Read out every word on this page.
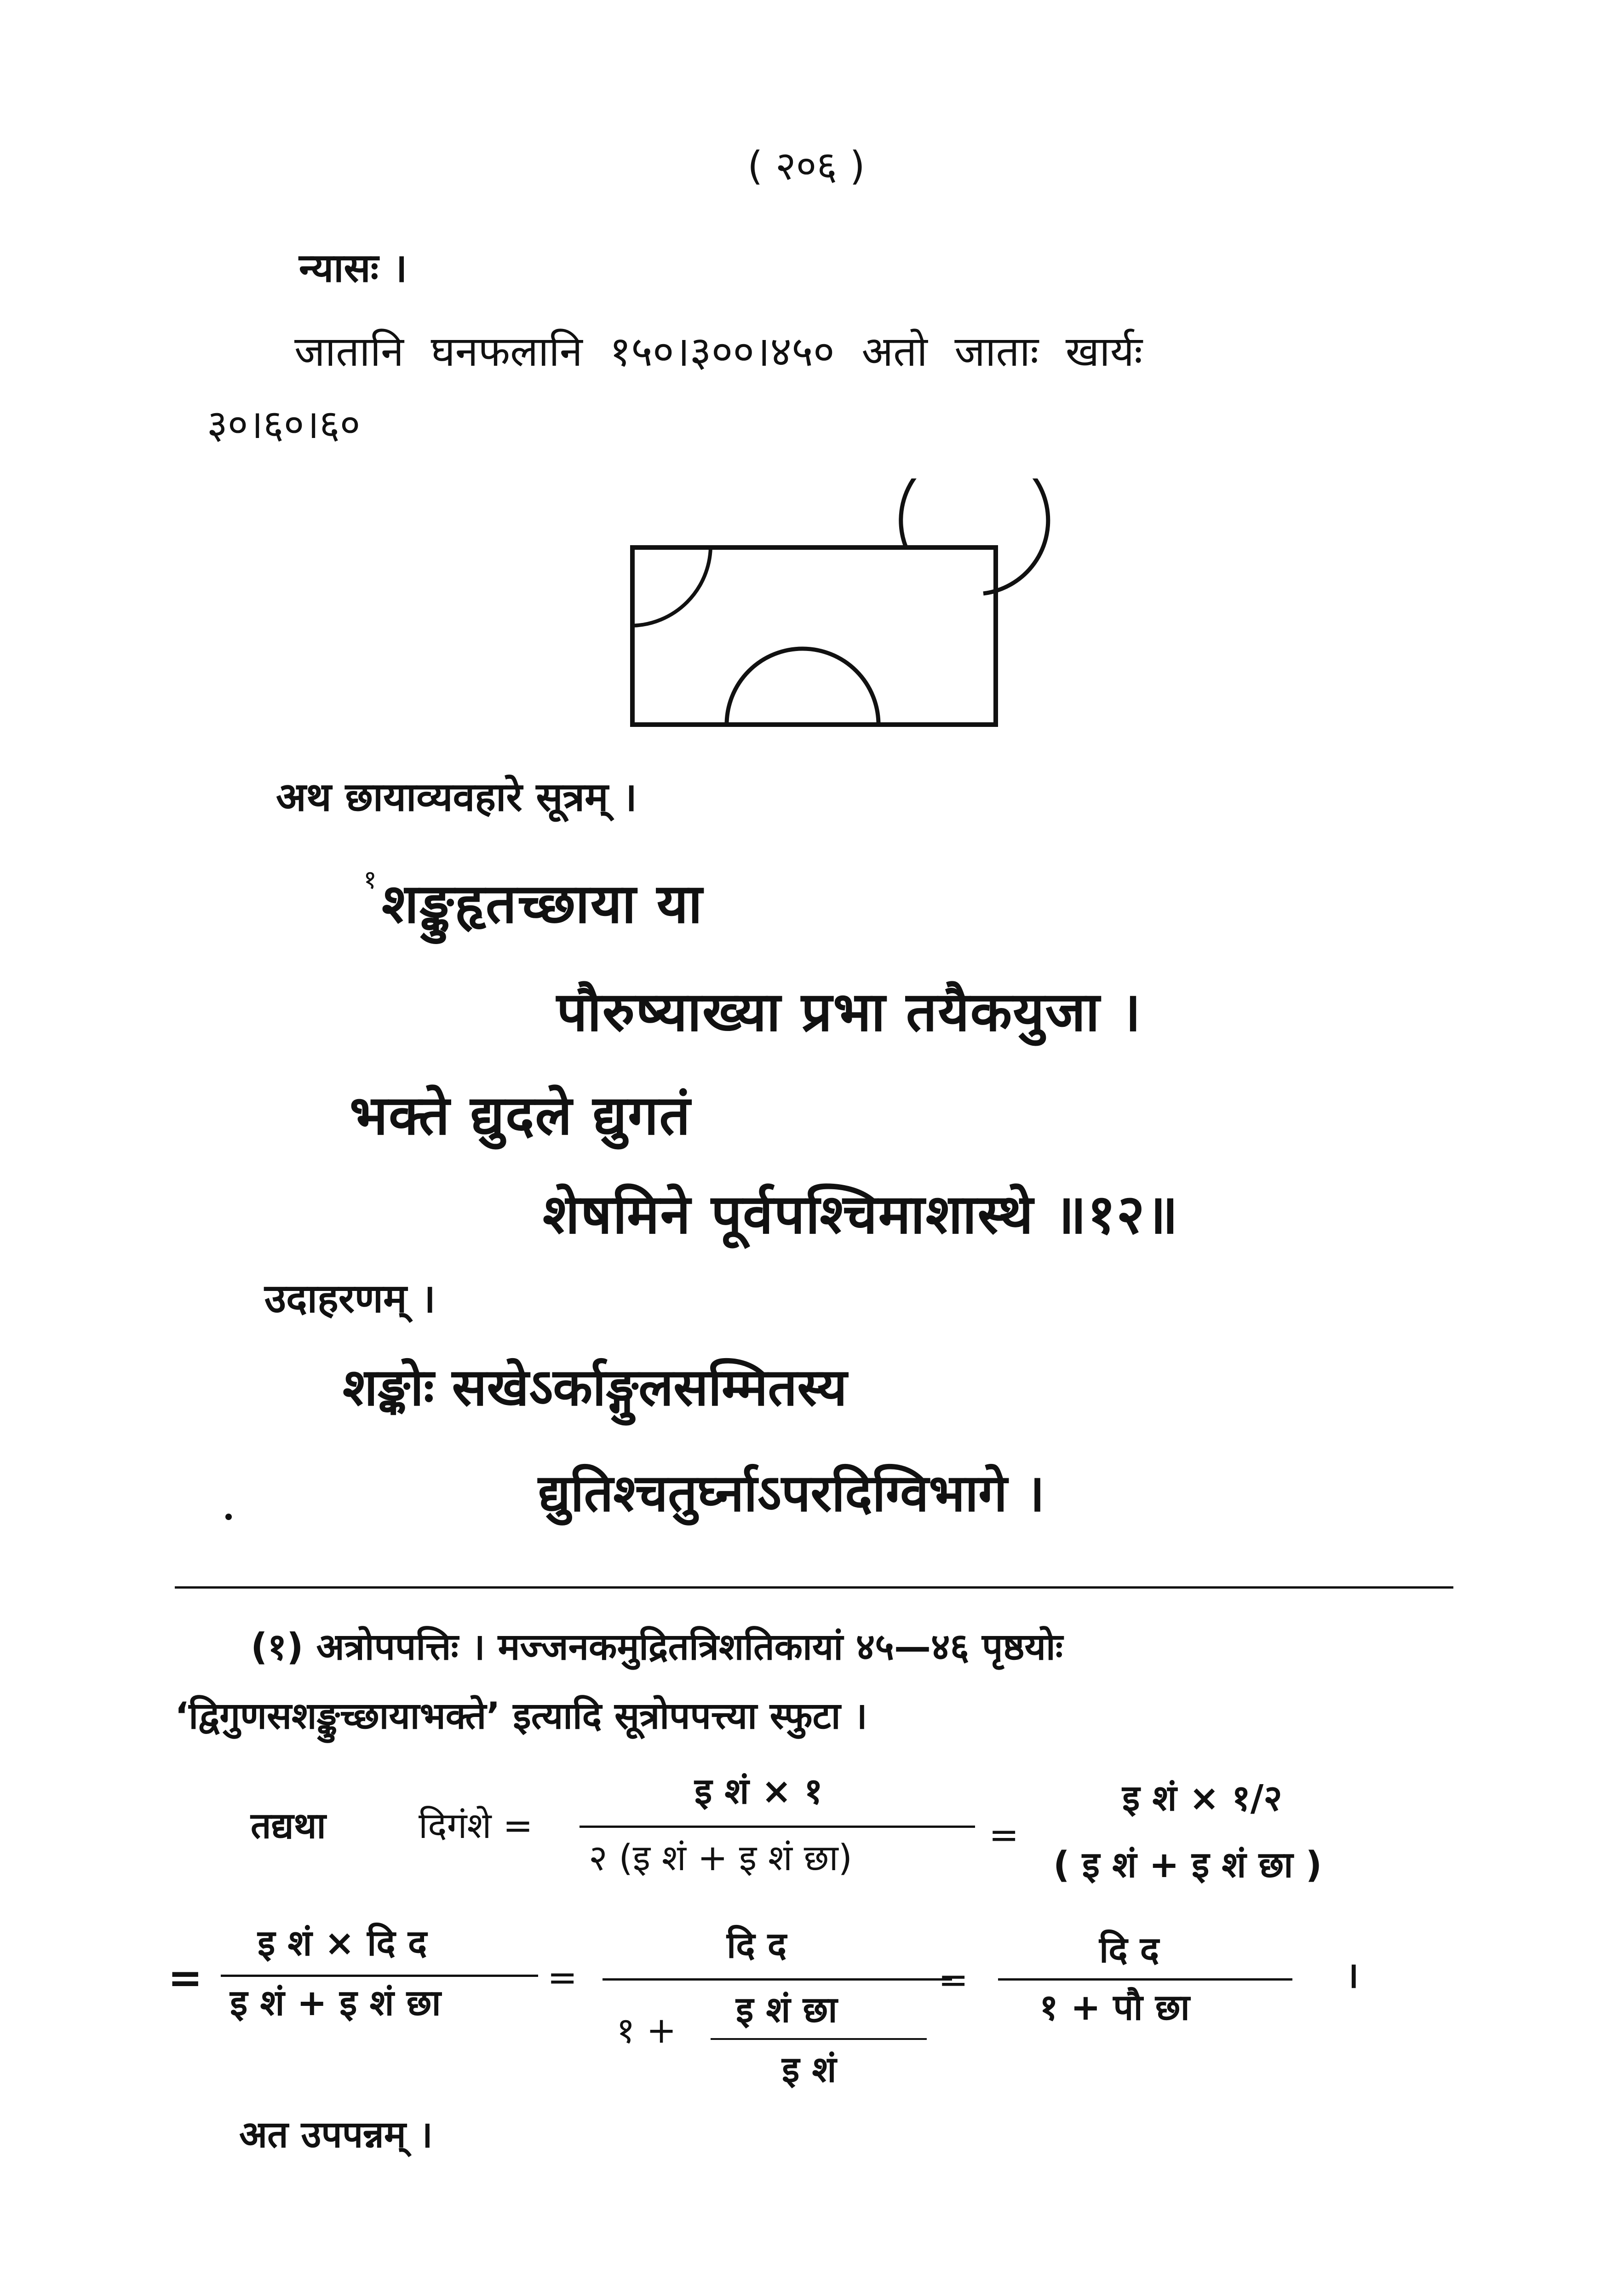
( २०६ )
न्यासः ।
जातानि घनफलानि १५०।३००।४५० अतो जाताः खार्यः
३०।६०।६०
अथ छायाव्यवहारे सूत्रम् ।
१ शङ्कुहृतच्छाया या
पौरुष्याख्या प्रभा तयैकयुजा ।
भक्ते द्युदले द्युगतं
शेषमिने पूर्वपश्चिमाशास्थे ॥१२॥
उदाहरणम् ।
शङ्कोः सखेऽर्काङ्गुलसम्मितस्य
द्युतिश्चतुर्घ्नाऽपरदिग्विभागे ।
(१) अत्रोपपत्तिः । मज्जनकमुद्रितत्रिशतिकायां ४५—४६ पृष्ठयोः
‘द्विगुणसशङ्कुच्छायाभक्ते’ इत्यादि सूत्रोपपत्त्या स्फुटा ।
तद्यथा	दिगंशे =
इ शं × १
२ (इ शं + इ शं छा)
=
इ शं × १/२
( इ शं + इ शं छा )
=
इ शं × दि द
इ शं + इ शं छा
=
दि द
१ + इ शं छा
इ शं
=
दि द
१ + पौ छा
।
अत उपपन्नम् ।
